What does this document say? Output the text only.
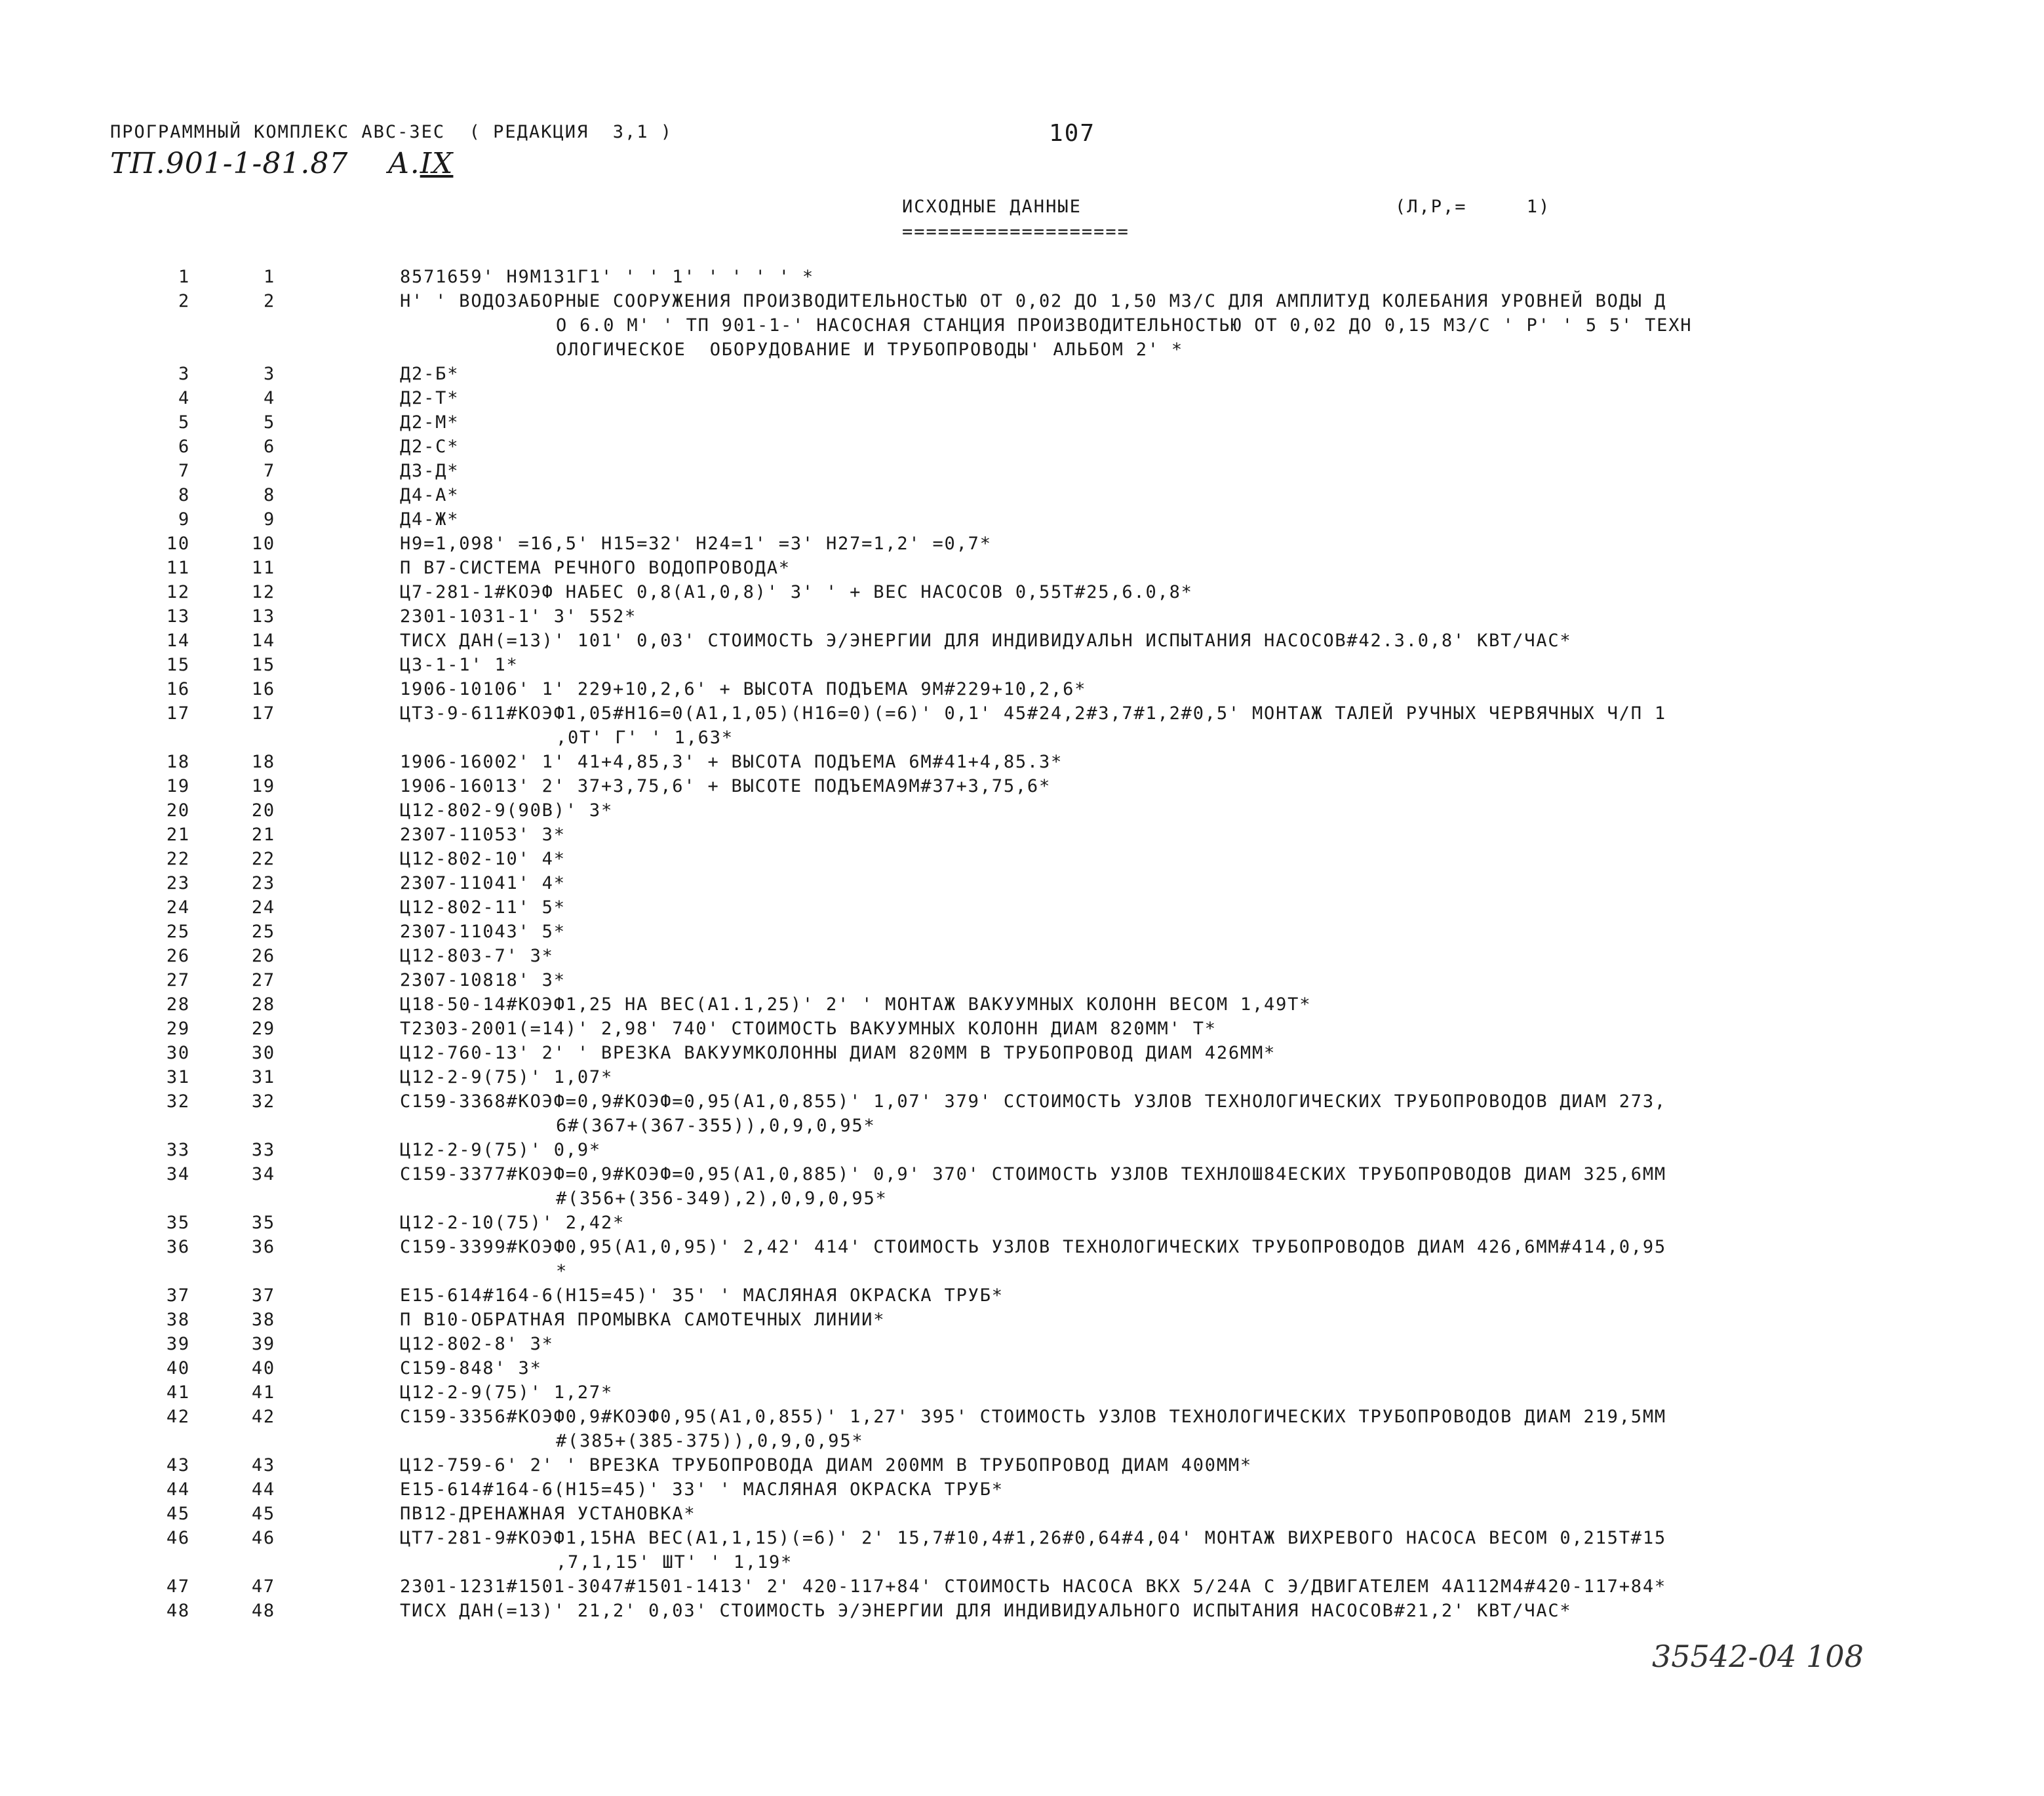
ПРОГРАММНЫЙ КОМПЛЕКС АВС-ЗЕС  ( РЕДАКЦИЯ  3,1 )	107
ТП.901-1-81.87 А.IX
ИСХОДНЫЕ ДАННЫЕ	(Л,Р,=     1)
===================
1	1	8571659' Н9М131Г1' ' ' 1' ' ' ' ' *
2	2	Н' ' ВОДОЗАБОРНЫЕ СООРУЖЕНИЯ ПРОИЗВОДИТЕЛЬНОСТЬЮ ОТ 0,02 ДО 1,50 М3/С ДЛЯ АМПЛИТУД КОЛЕБАНИЯ УРОВНЕЙ ВОДЫ Д
О 6.0 М' ' ТП 901-1-' НАСОСНАЯ СТАНЦИЯ ПРОИЗВОДИТЕЛЬНОСТЬЮ ОТ 0,02 ДО 0,15 М3/С ' Р' ' 5 5' ТЕХН
ОЛОГИЧЕСКОЕ  ОБОРУДОВАНИЕ И ТРУБОПРОВОДЫ' АЛЬБОМ 2' *
3	3	Д2-Б*
4	4	Д2-Т*
5	5	Д2-М*
6	6	Д2-С*
7	7	Д3-Д*
8	8	Д4-А*
9	9	Д4-Ж*
10	10	Н9=1,098' =16,5' Н15=32' Н24=1' =3' Н27=1,2' =0,7*
11	11	П В7-СИСТЕМА РЕЧНОГО ВОДОПРОВОДА*
12	12	Ц7-281-1#КОЭФ НАБЕС 0,8(А1,0,8)' 3' ' + ВЕС НАСОСОВ 0,55Т#25,6.0,8*
13	13	2301-1031-1' 3' 552*
14	14	ТИСХ ДАН(=13)' 101' 0,03' СТОИМОСТЬ Э/ЭНЕРГИИ ДЛЯ ИНДИВИДУАЛЬН ИСПЫТАНИЯ НАСОСОВ#42.3.0,8' КВТ/ЧАС*
15	15	Ц3-1-1' 1*
16	16	1906-10106' 1' 229+10,2,6' + ВЫСОТА ПОДЪЕМА 9М#229+10,2,6*
17	17	ЦТ3-9-611#КОЭФ1,05#Н16=0(А1,1,05)(Н16=0)(=6)' 0,1' 45#24,2#3,7#1,2#0,5' МОНТАЖ ТАЛЕЙ РУЧНЫХ ЧЕРВЯЧНЫХ Ч/П 1
,0Т' Г' ' 1,63*
18	18	1906-16002' 1' 41+4,85,3' + ВЫСОТА ПОДЪЕМА 6М#41+4,85.3*
19	19	1906-16013' 2' 37+3,75,6' + ВЫСОТЕ ПОДЪЕМА9М#37+3,75,6*
20	20	Ц12-802-9(90В)' 3*
21	21	2307-11053' 3*
22	22	Ц12-802-10' 4*
23	23	2307-11041' 4*
24	24	Ц12-802-11' 5*
25	25	2307-11043' 5*
26	26	Ц12-803-7' 3*
27	27	2307-10818' 3*
28	28	Ц18-50-14#КОЭФ1,25 НА ВЕС(А1.1,25)' 2' ' МОНТАЖ ВАКУУМНЫХ КОЛОНН ВЕСОМ 1,49Т*
29	29	Т2303-2001(=14)' 2,98' 740' СТОИМОСТЬ ВАКУУМНЫХ КОЛОНН ДИАМ 820ММ' Т*
30	30	Ц12-760-13' 2' ' ВРЕЗКА ВАКУУМКОЛОННЫ ДИАМ 820ММ В ТРУБОПРОВОД ДИАМ 426ММ*
31	31	Ц12-2-9(75)' 1,07*
32	32	С159-3368#КОЭФ=0,9#КОЭФ=0,95(А1,0,855)' 1,07' 379' ССТОИМОСТЬ УЗЛОВ ТЕХНОЛОГИЧЕСКИХ ТРУБОПРОВОДОВ ДИАМ 273,
6#(367+(367-355)),0,9,0,95*
33	33	Ц12-2-9(75)' 0,9*
34	34	С159-3377#КОЭФ=0,9#КОЭФ=0,95(А1,0,885)' 0,9' 370' СТОИМОСТЬ УЗЛОВ ТЕХНЛОШ84ЕСКИХ ТРУБОПРОВОДОВ ДИАМ 325,6ММ
#(356+(356-349),2),0,9,0,95*
35	35	Ц12-2-10(75)' 2,42*
36	36	С159-3399#КОЭФ0,95(А1,0,95)' 2,42' 414' СТОИМОСТЬ УЗЛОВ ТЕХНОЛОГИЧЕСКИХ ТРУБОПРОВОДОВ ДИАМ 426,6ММ#414,0,95
*
37	37	Е15-614#164-6(Н15=45)' 35' ' МАСЛЯНАЯ ОКРАСКА ТРУБ*
38	38	П В10-ОБРАТНАЯ ПРОМЫВКА САМОТЕЧНЫХ ЛИНИИ*
39	39	Ц12-802-8' 3*
40	40	С159-848' 3*
41	41	Ц12-2-9(75)' 1,27*
42	42	С159-3356#КОЭФ0,9#КОЭФ0,95(А1,0,855)' 1,27' 395' СТОИМОСТЬ УЗЛОВ ТЕХНОЛОГИЧЕСКИХ ТРУБОПРОВОДОВ ДИАМ 219,5ММ
#(385+(385-375)),0,9,0,95*
43	43	Ц12-759-6' 2' ' ВРЕЗКА ТРУБОПРОВОДА ДИАМ 200ММ В ТРУБОПРОВОД ДИАМ 400ММ*
44	44	Е15-614#164-6(Н15=45)' 33' ' МАСЛЯНАЯ ОКРАСКА ТРУБ*
45	45	ПВ12-ДРЕНАЖНАЯ УСТАНОВКА*
46	46	ЦТ7-281-9#КОЭФ1,15НА ВЕС(А1,1,15)(=6)' 2' 15,7#10,4#1,26#0,64#4,04' МОНТАЖ ВИХРЕВОГО НАСОСА ВЕСОМ 0,215Т#15
,7,1,15' ШТ' ' 1,19*
47	47	2301-1231#1501-3047#1501-1413' 2' 420-117+84' СТОИМОСТЬ НАСОСА ВКХ 5/24А С Э/ДВИГАТЕЛЕМ 4А112М4#420-117+84*
48	48	ТИСХ ДАН(=13)' 21,2' 0,03' СТОИМОСТЬ Э/ЭНЕРГИИ ДЛЯ ИНДИВИДУАЛЬНОГО ИСПЫТАНИЯ НАСОСОВ#21,2' КВТ/ЧАС*
35542-04 108
